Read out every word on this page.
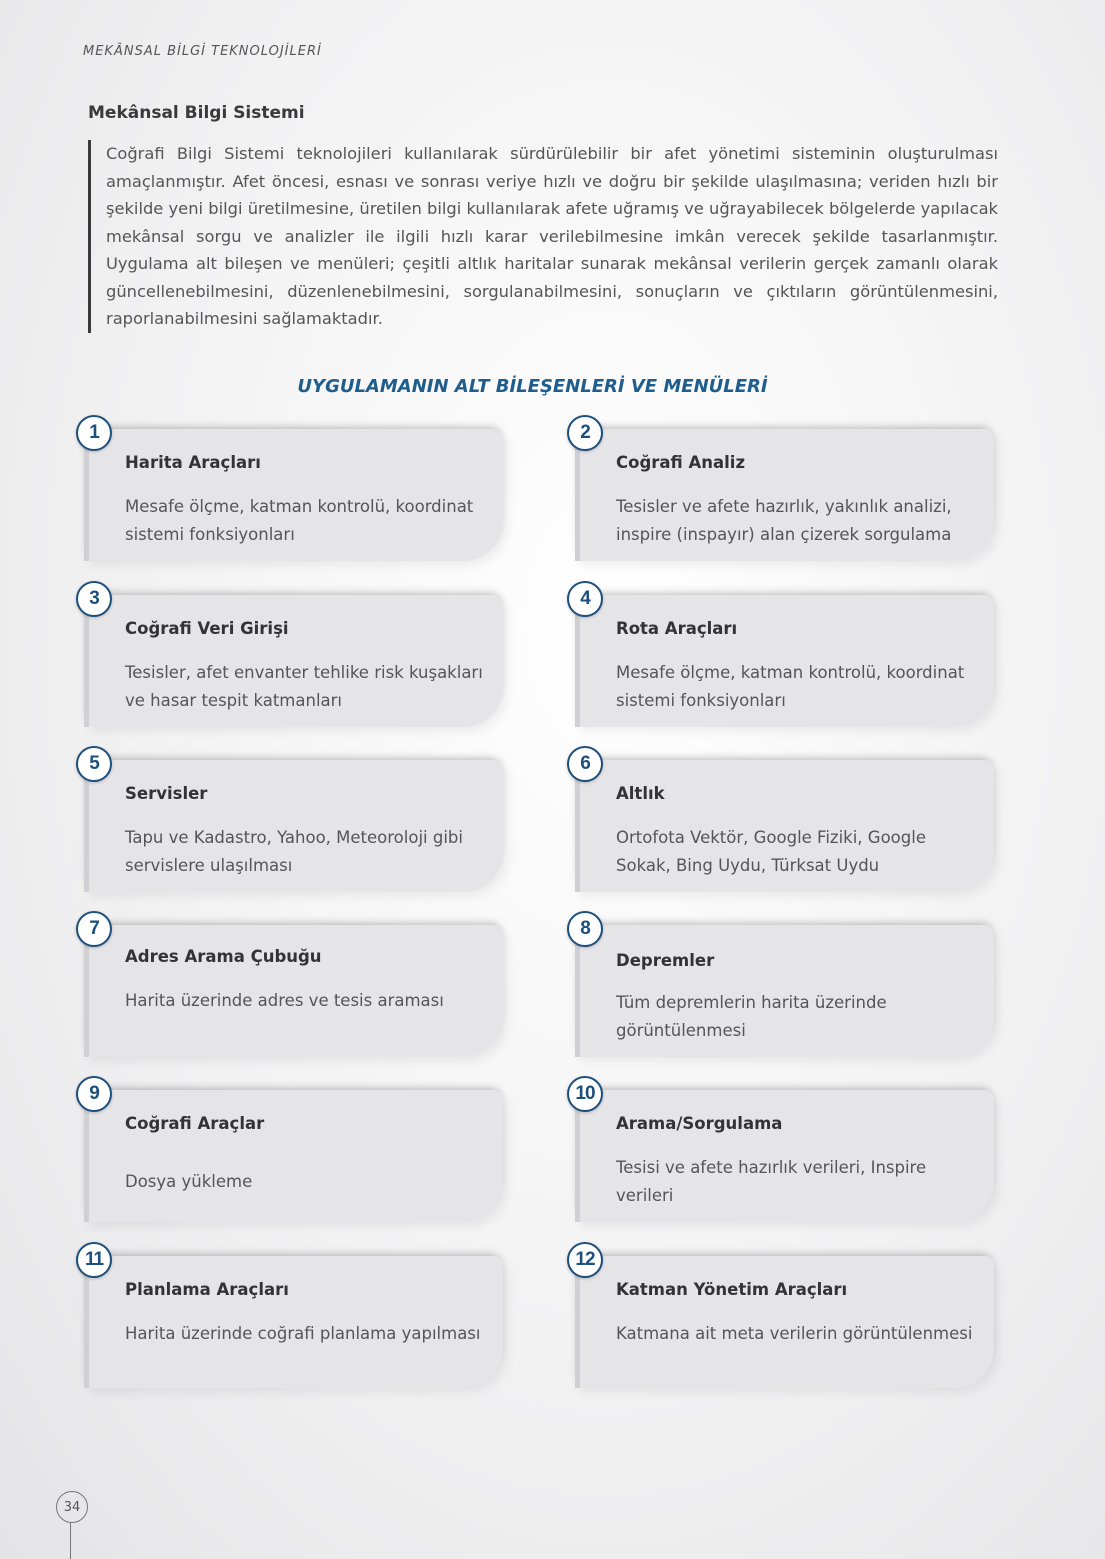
MEKÂNSAL BİLGİ TEKNOLOJİLERİ
Mekânsal Bilgi Sistemi

Coğrafi Bilgi Sistemi teknolojileri kullanılarak sürdürülebilir bir afet yönetimi sisteminin oluşturulması amaçlanmıştır. Afet öncesi, esnası ve sonrası veriye hızlı ve doğru bir şekilde ulaşılmasına; veriden hızlı bir şekilde yeni bilgi üretilmesine, üretilen bilgi kullanılarak afete uğramış ve uğrayabilecek bölgelerde yapılacak mekânsal sorgu ve analizler ile ilgili hızlı karar verilebilmesine imkân verecek şekilde tasarlanmıştır. Uygulama alt bileşen ve menüleri; çeşitli altlık haritalar sunarak mekânsal verilerin gerçek zamanlı olarak güncellenebilmesini, düzenlenebilmesini, sorgulanabilmesini, sonuçların ve çıktıların görüntülenmesini, raporlanabilmesini sağlamaktadır.

UYGULAMANIN ALT BİLEŞENLERİ VE MENÜLERİ
1
Harita Araçları
Mesafe ölçme, katman kontrolü, koordinat sistemi fonksiyonları
2
Coğrafi Analiz
Tesisler ve afete hazırlık, yakınlık analizi, inspire (inspayır) alan çizerek sorgulama
3
Coğrafi Veri Girişi
Tesisler, afet envanter tehlike risk kuşakları ve hasar tespit katmanları
4
Rota Araçları
Mesafe ölçme, katman kontrolü, koordinat sistemi fonksiyonları
5
Servisler
Tapu ve Kadastro, Yahoo, Meteoroloji gibi servislere ulaşılması
6
Altlık
Ortofota Vektör, Google Fiziki, Google Sokak, Bing Uydu, Türksat Uydu
7
Adres Arama Çubuğu
Harita üzerinde adres ve tesis araması
8
Depremler
Tüm depremlerin harita üzerinde görüntülenmesi
9
Coğrafi Araçlar
Dosya yükleme
10
Arama/Sorgulama
Tesisi ve afete hazırlık verileri, Inspire verileri
11
Planlama Araçları
Harita üzerinde coğrafi planlama yapılması
12
Katman Yönetim Araçları
Katmana ait meta verilerin görüntülenmesi
34
